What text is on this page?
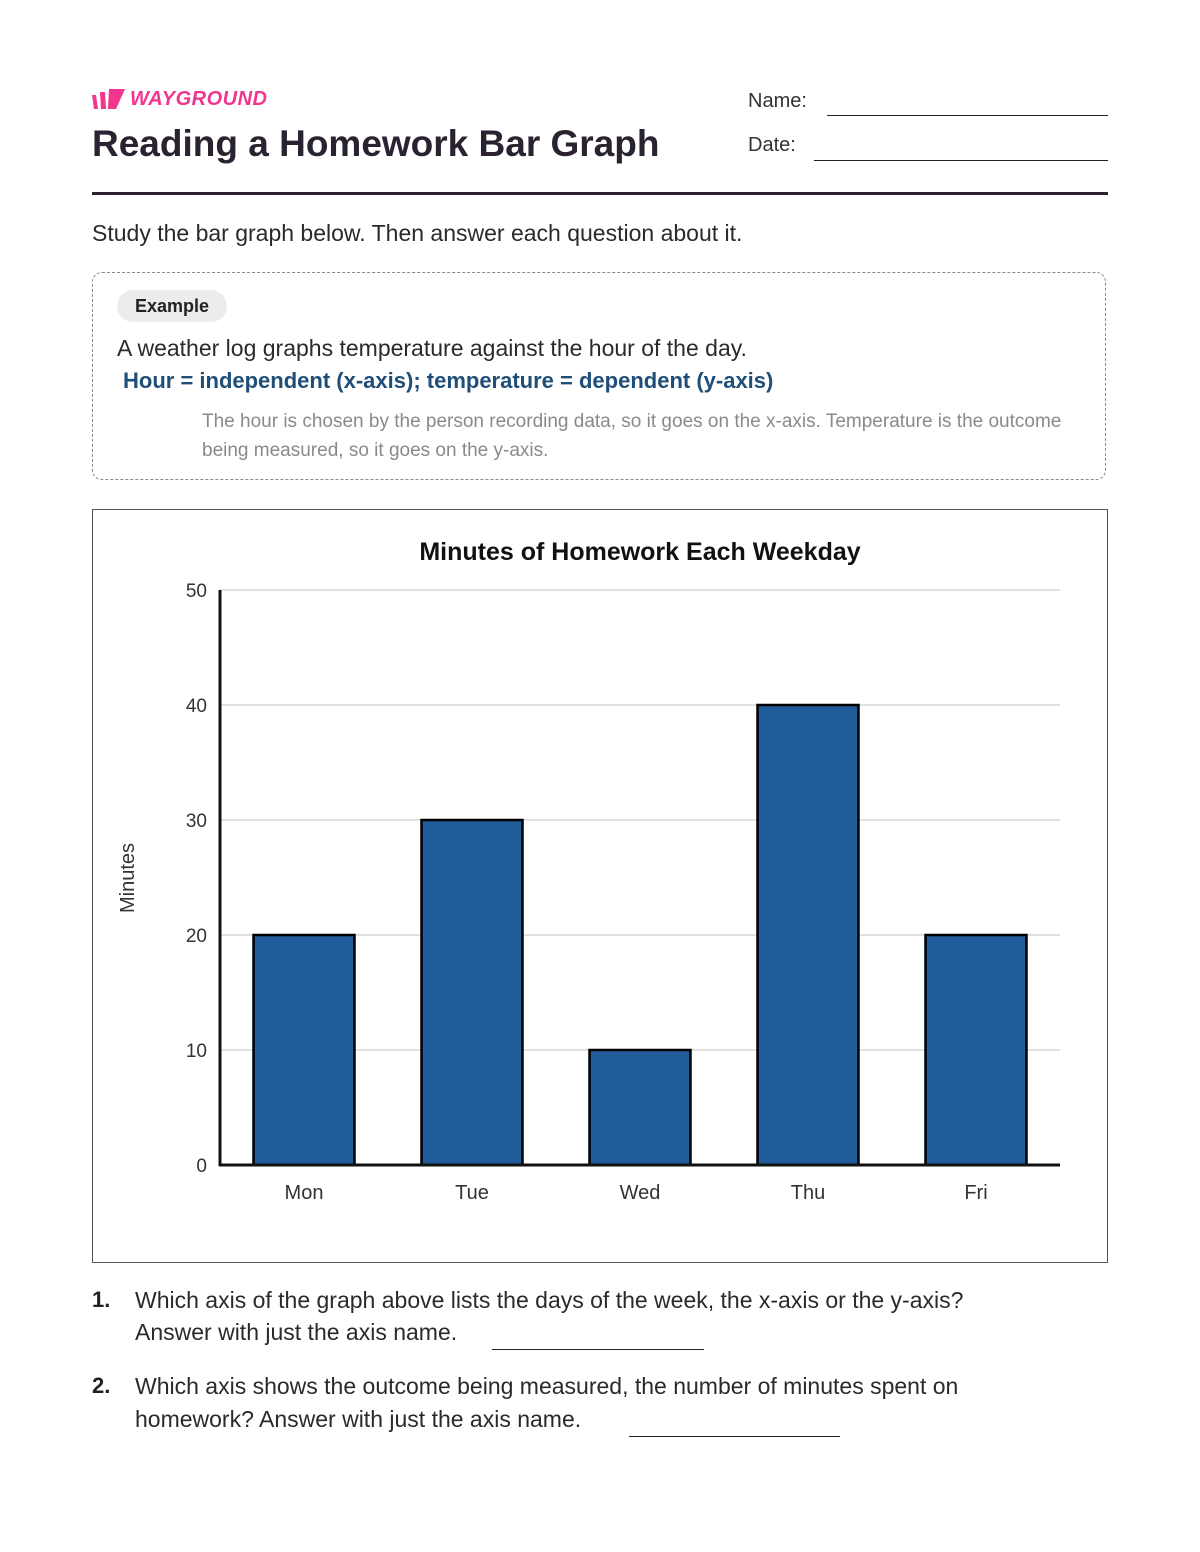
WAYGROUND
Reading a Homework Bar Graph
Name:
Date:
Study the bar graph below. Then answer each question about it.
Example
A weather log graphs temperature against the hour of the day.
Hour = independent (x-axis); temperature = dependent (y-axis)
The hour is chosen by the person recording data, so it goes on the x-axis. Temperature is the outcome being measured, so it goes on the y-axis.
Minutes of Homework Each Weekday
0
10
20
30
40
50
Minutes
Mon	Tue	Wed	Thu	Fri
1. Which axis of the graph above lists the days of the week, the x-axis or the y-axis?
Answer with just the axis name.
2. Which axis shows the outcome being measured, the number of minutes spent on
homework? Answer with just the axis name.
